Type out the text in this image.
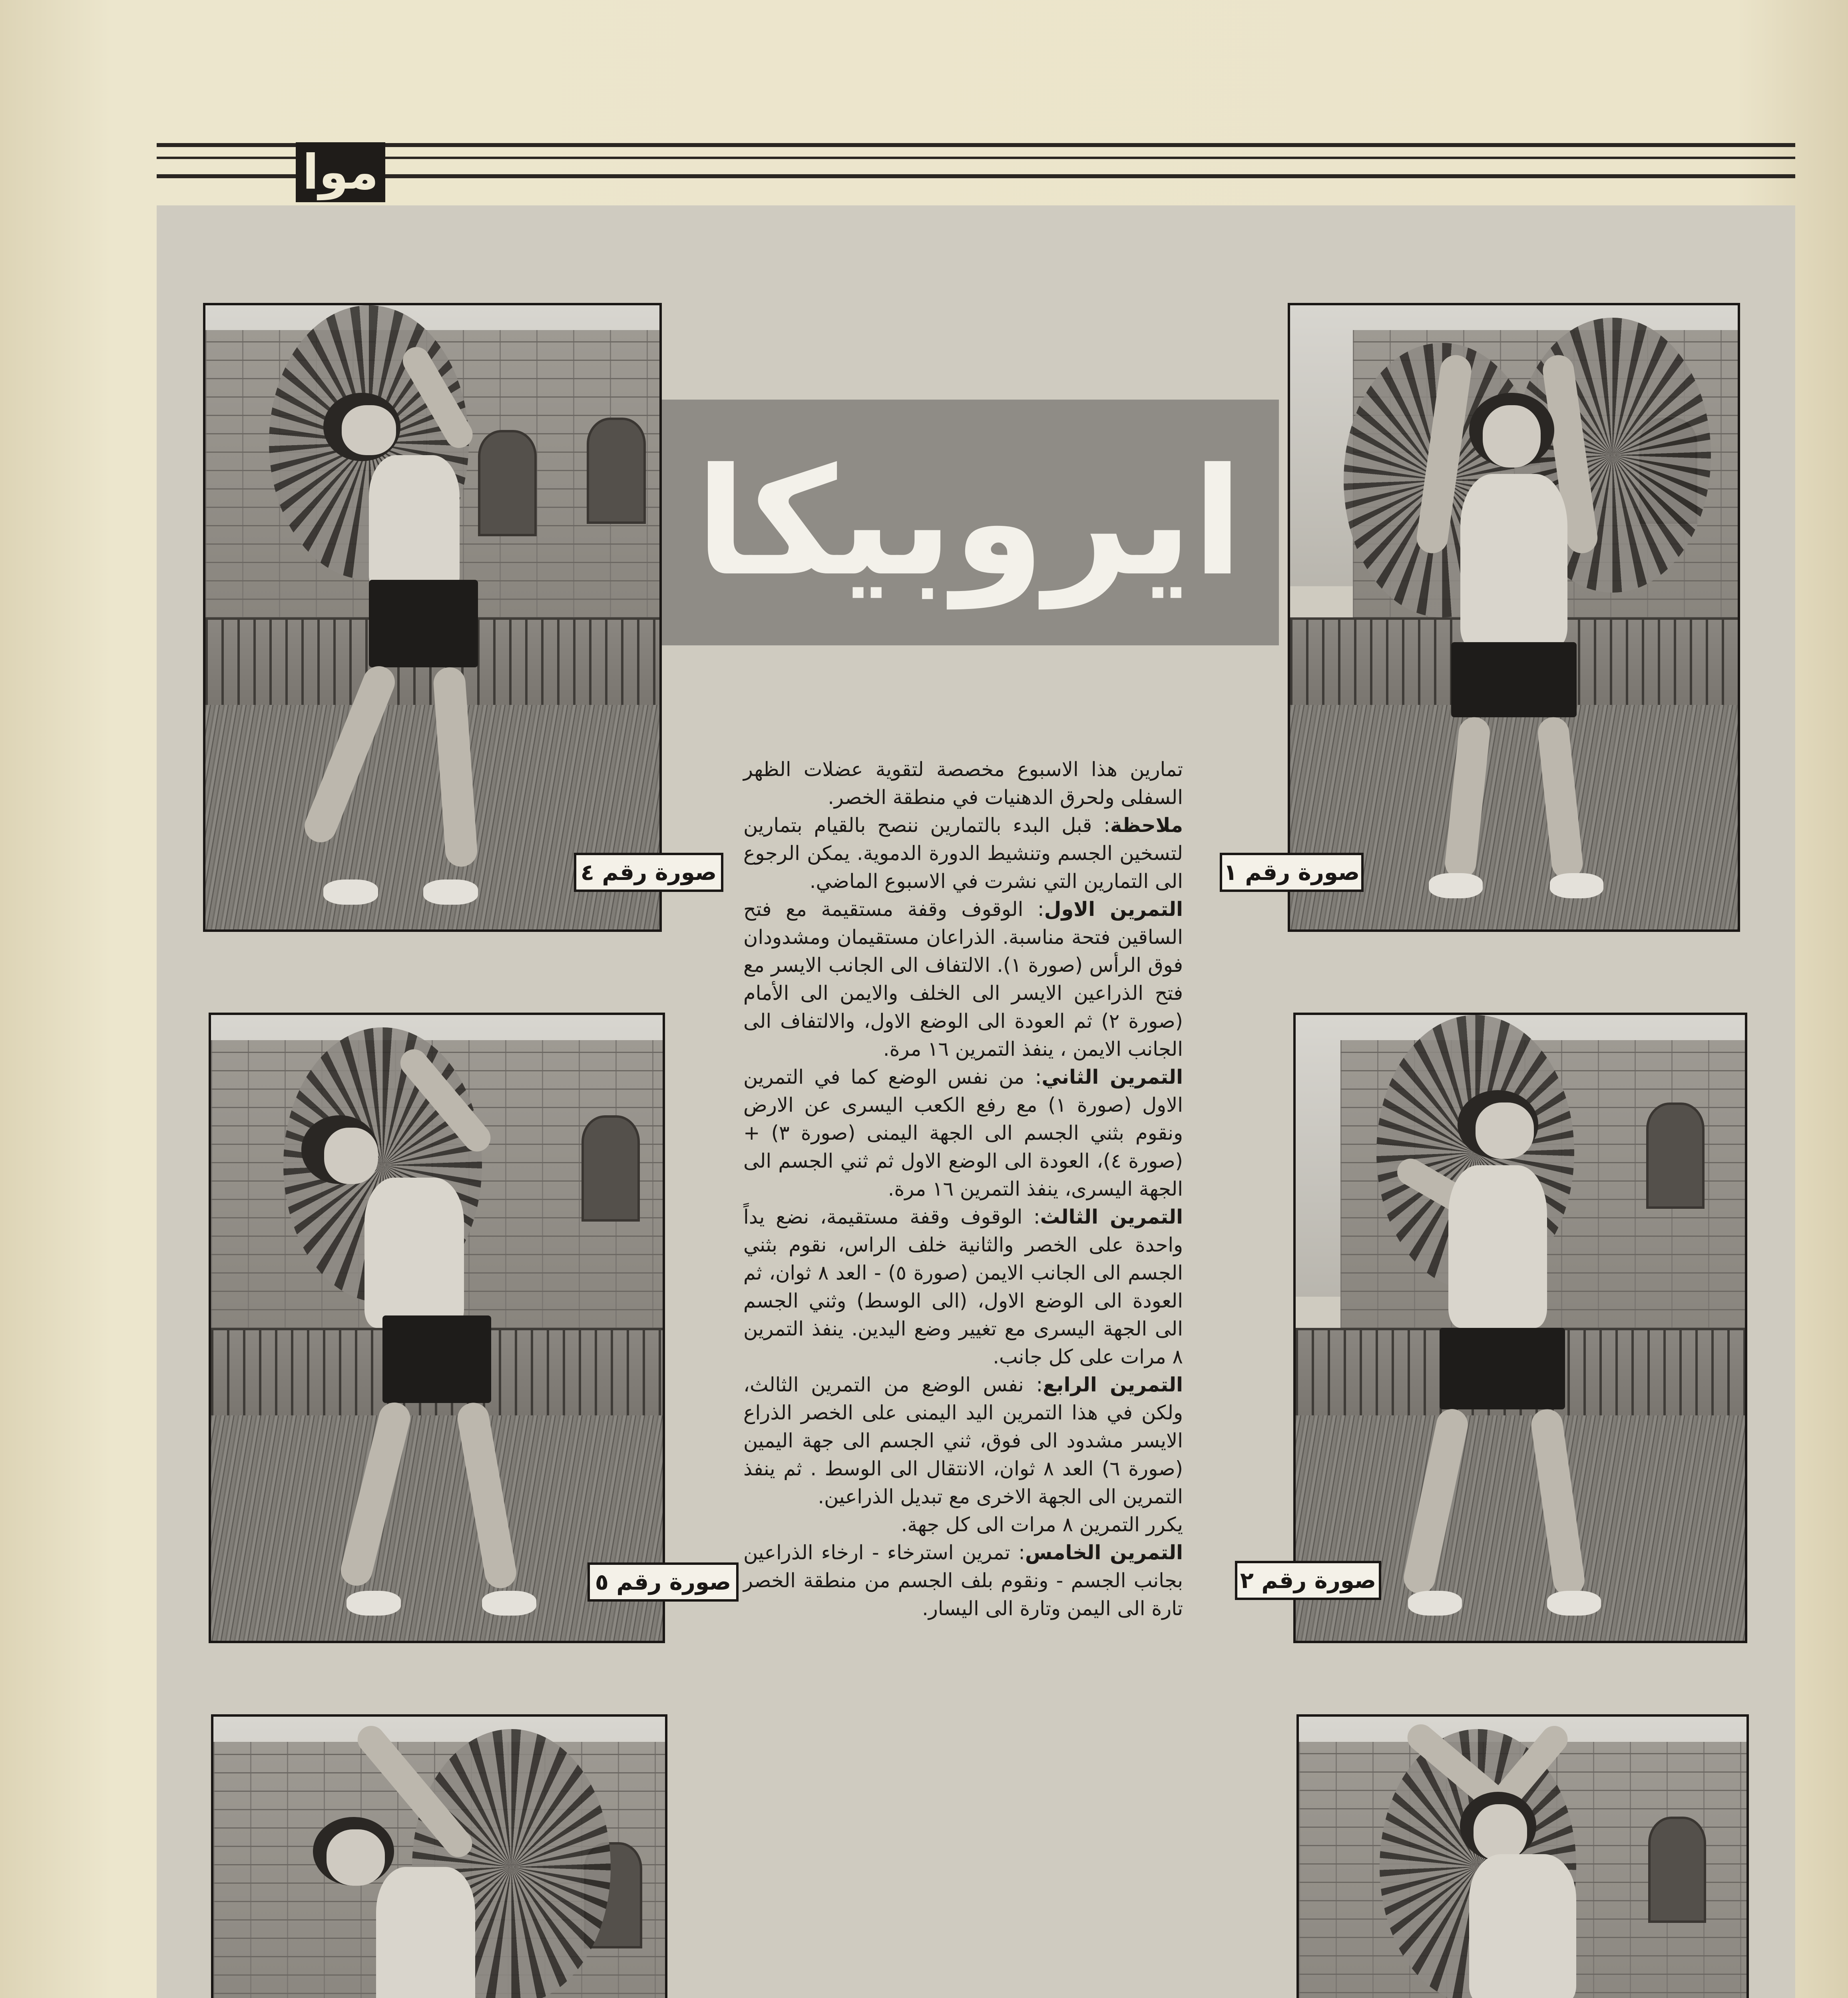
موا
ايروبيكا
صورة رقم ١
صورة رقم ٤
صورة رقم ٢
صورة رقم ٥

تمارين هذا الاسبوع مخصصة لتقوية عضلات الظهر السفلى ولحرق الدهنيات في منطقة الخصر.

ملاحظة: قبل البدء بالتمارين ننصح بالقيام بتمارين لتسخين الجسم وتنشيط الدورة الدموية. يمكن الرجوع الى التمارين التي نشرت في الاسبوع الماضي.

التمرين الاول: الوقوف وقفة مستقيمة مع فتح الساقين فتحة مناسبة. الذراعان مستقيمان ومشدودان فوق الرأس (صورة ١). الالتفاف الى الجانب الايسر مع فتح الذراعين الايسر الى الخلف والايمن الى الأمام (صورة ٢) ثم العودة الى الوضع الاول، والالتفاف الى الجانب الايمن ، ينفذ التمرين ١٦ مرة.

التمرين الثاني: من نفس الوضع كما في التمرين الاول (صورة ١) مع رفع الكعب اليسرى عن الارض ونقوم بثني الجسم الى الجهة اليمنى (صورة ٣) + (صورة ٤)، العودة الى الوضع الاول ثم ثني الجسم الى الجهة اليسرى، ينفذ التمرين ١٦ مرة.

التمرين الثالث: الوقوف وقفة مستقيمة، نضع يداً واحدة على الخصر والثانية خلف الراس، نقوم بثني الجسم الى الجانب الايمن (صورة ٥) - العد ٨ ثوان، ثم العودة الى الوضع الاول، (الى الوسط) وثني الجسم الى الجهة اليسرى مع تغيير وضع اليدين. ينفذ التمرين ٨ مرات على كل جانب.

التمرين الرابع: نفس الوضع من التمرين الثالث، ولكن في هذا التمرين اليد اليمنى على الخصر الذراع الايسر مشدود الى فوق، ثني الجسم الى جهة اليمين (صورة ٦) العد ٨ ثوان، الانتقال الى الوسط . ثم ينفذ التمرين الى الجهة الاخرى مع تبديل الذراعين.

يكرر التمرين ٨ مرات الى كل جهة.

التمرين الخامس: تمرين استرخاء - ارخاء الذراعين بجانب الجسم - ونقوم بلف الجسم من منطقة الخصر تارة الى اليمن وتارة الى اليسار.
